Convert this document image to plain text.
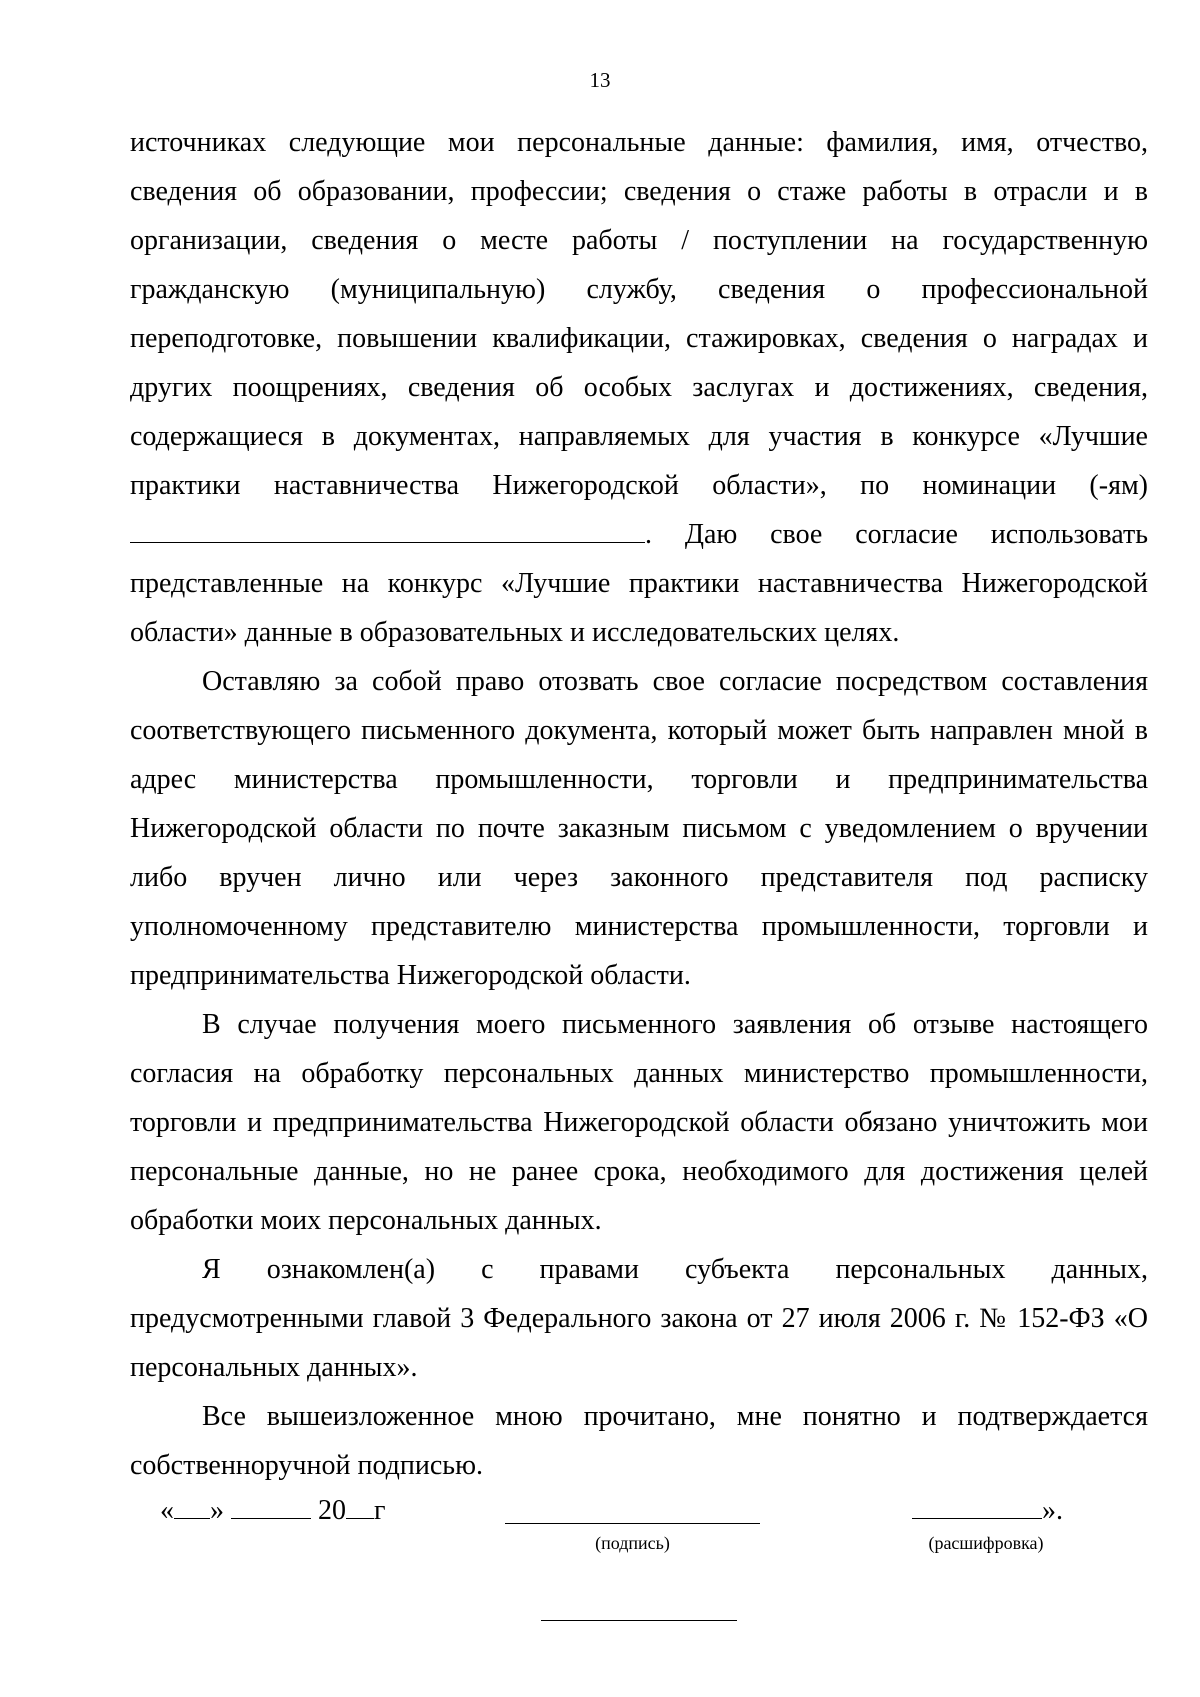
13

источниках следующие мои персональные данные: фамилия, имя, отчество, сведения об образовании, профессии; сведения о стаже работы в отрасли и в организации, сведения о месте работы / поступлении на государственную гражданскую (муниципальную) службу, сведения о профессиональной переподготовке, повышении квалификации, стажировках, сведения о наградах и других поощрениях, сведения об особых заслугах и достижениях, сведения, содержащиеся в документах, направляемых для участия в конкурсе «Лучшие практики наставничества Нижегородской области», по номинации (-ям) . Даю свое согласие использовать представленные на конкурс «Лучшие практики наставничества Нижегородской области» данные в образовательных и исследовательских целях.

Оставляю за собой право отозвать свое согласие посредством составления соответствующего письменного документа, который может быть направлен мной в адрес министерства промышленности, торговли и предпринимательства Нижегородской области по почте заказным письмом с уведомлением о вручении либо вручен лично или через законного представителя под расписку уполномоченному представителю министерства промышленности, торговли и предпринимательства Нижегородской области.

В случае получения моего письменного заявления об отзыве настоящего согласия на обработку персональных данных министерство промышленности, торговли и предпринимательства Нижегородской области обязано уничтожить мои персональные данные, но не ранее срока, необходимого для достижения целей обработки моих персональных данных.

Я ознакомлен(а) с правами субъекта персональных данных, предусмотренными главой 3 Федерального закона от 27 июля 2006 г. № 152-ФЗ «О персональных данных».

Все вышеизложенное мною прочитано, мне понятно и подтверждается собственноручной подписью.

« »	20 г
(подпись)
».
(расшифровка)
